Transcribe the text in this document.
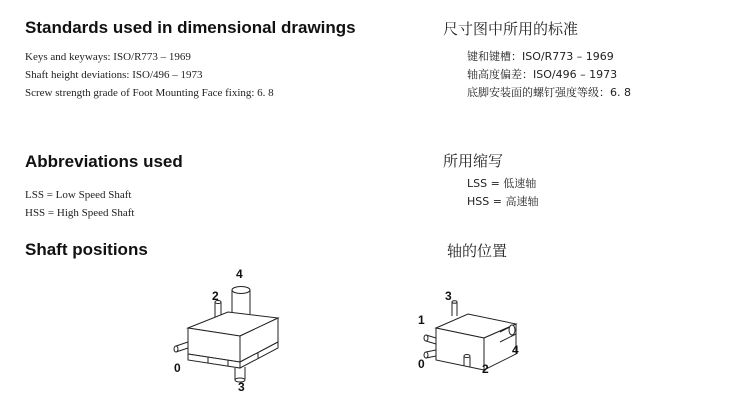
Standards used in dimensional drawings	尺寸图中所用的标准
Keys and keyways: ISO/R773 – 1969
Shaft height deviations: ISO/496 – 1973
Screw strength grade of Foot Mounting Face fixing: 6. 8
键和键槽：ISO/R773 – 1969
轴高度偏差：ISO/496 – 1973
底脚安装面的螺钉强度等级：6. 8
Abbreviations used	所用缩写
LSS = Low Speed Shaft
HSS = High Speed Shaft
LSS = 低速轴
HSS = 高速轴
Shaft positions	轴的位置
4
2
0
3
3
1
0
4
2
